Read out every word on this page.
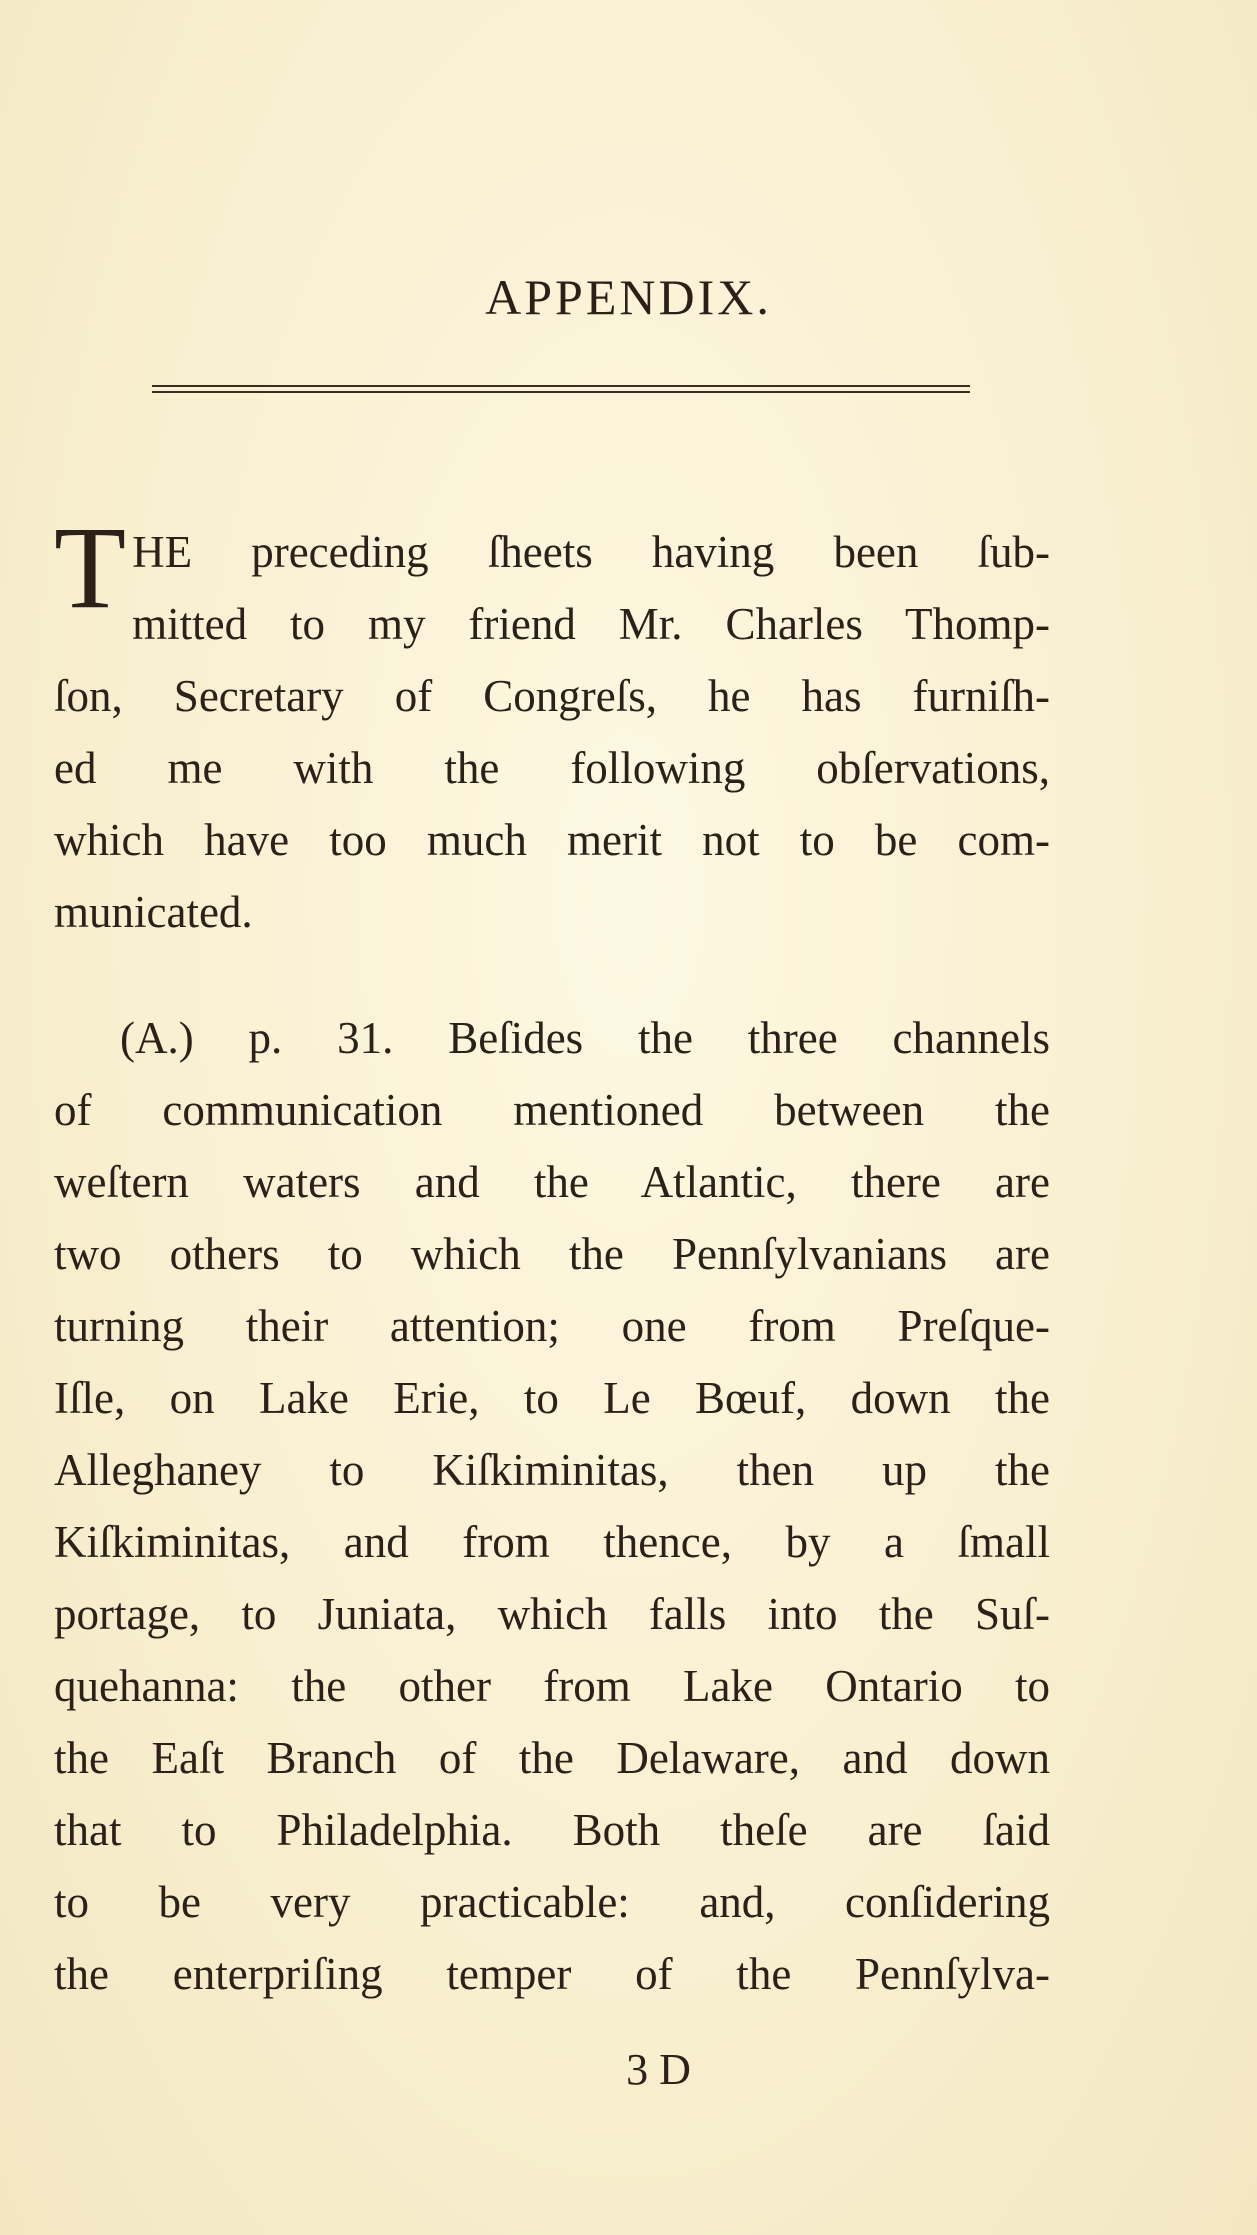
APPENDIX.
T HE preceding ſheets having been ſub-
mitted to my friend Mr. Charles Thomp-
ſon, Secretary of Congreſs, he has furniſh-
ed me with the following obſervations,
which have too much merit not to be com-
municated.
(A.) p. 31. Beſides the three channels
of communication mentioned between the
weſtern waters and the Atlantic, there are
two others to which the Pennſylvanians are
turning their attention; one from Preſque-
Iſle, on Lake Erie, to Le Bœuf, down the
Alleghaney to Kiſkiminitas, then up the
Kiſkiminitas, and from thence, by a ſmall
portage, to Juniata, which falls into the Suſ-
quehanna: the other from Lake Ontario to
the Eaſt Branch of the Delaware, and down
that to Philadelphia. Both theſe are ſaid
to be very practicable: and, conſidering
the enterpriſing temper of the Pennſylva-
3 D
